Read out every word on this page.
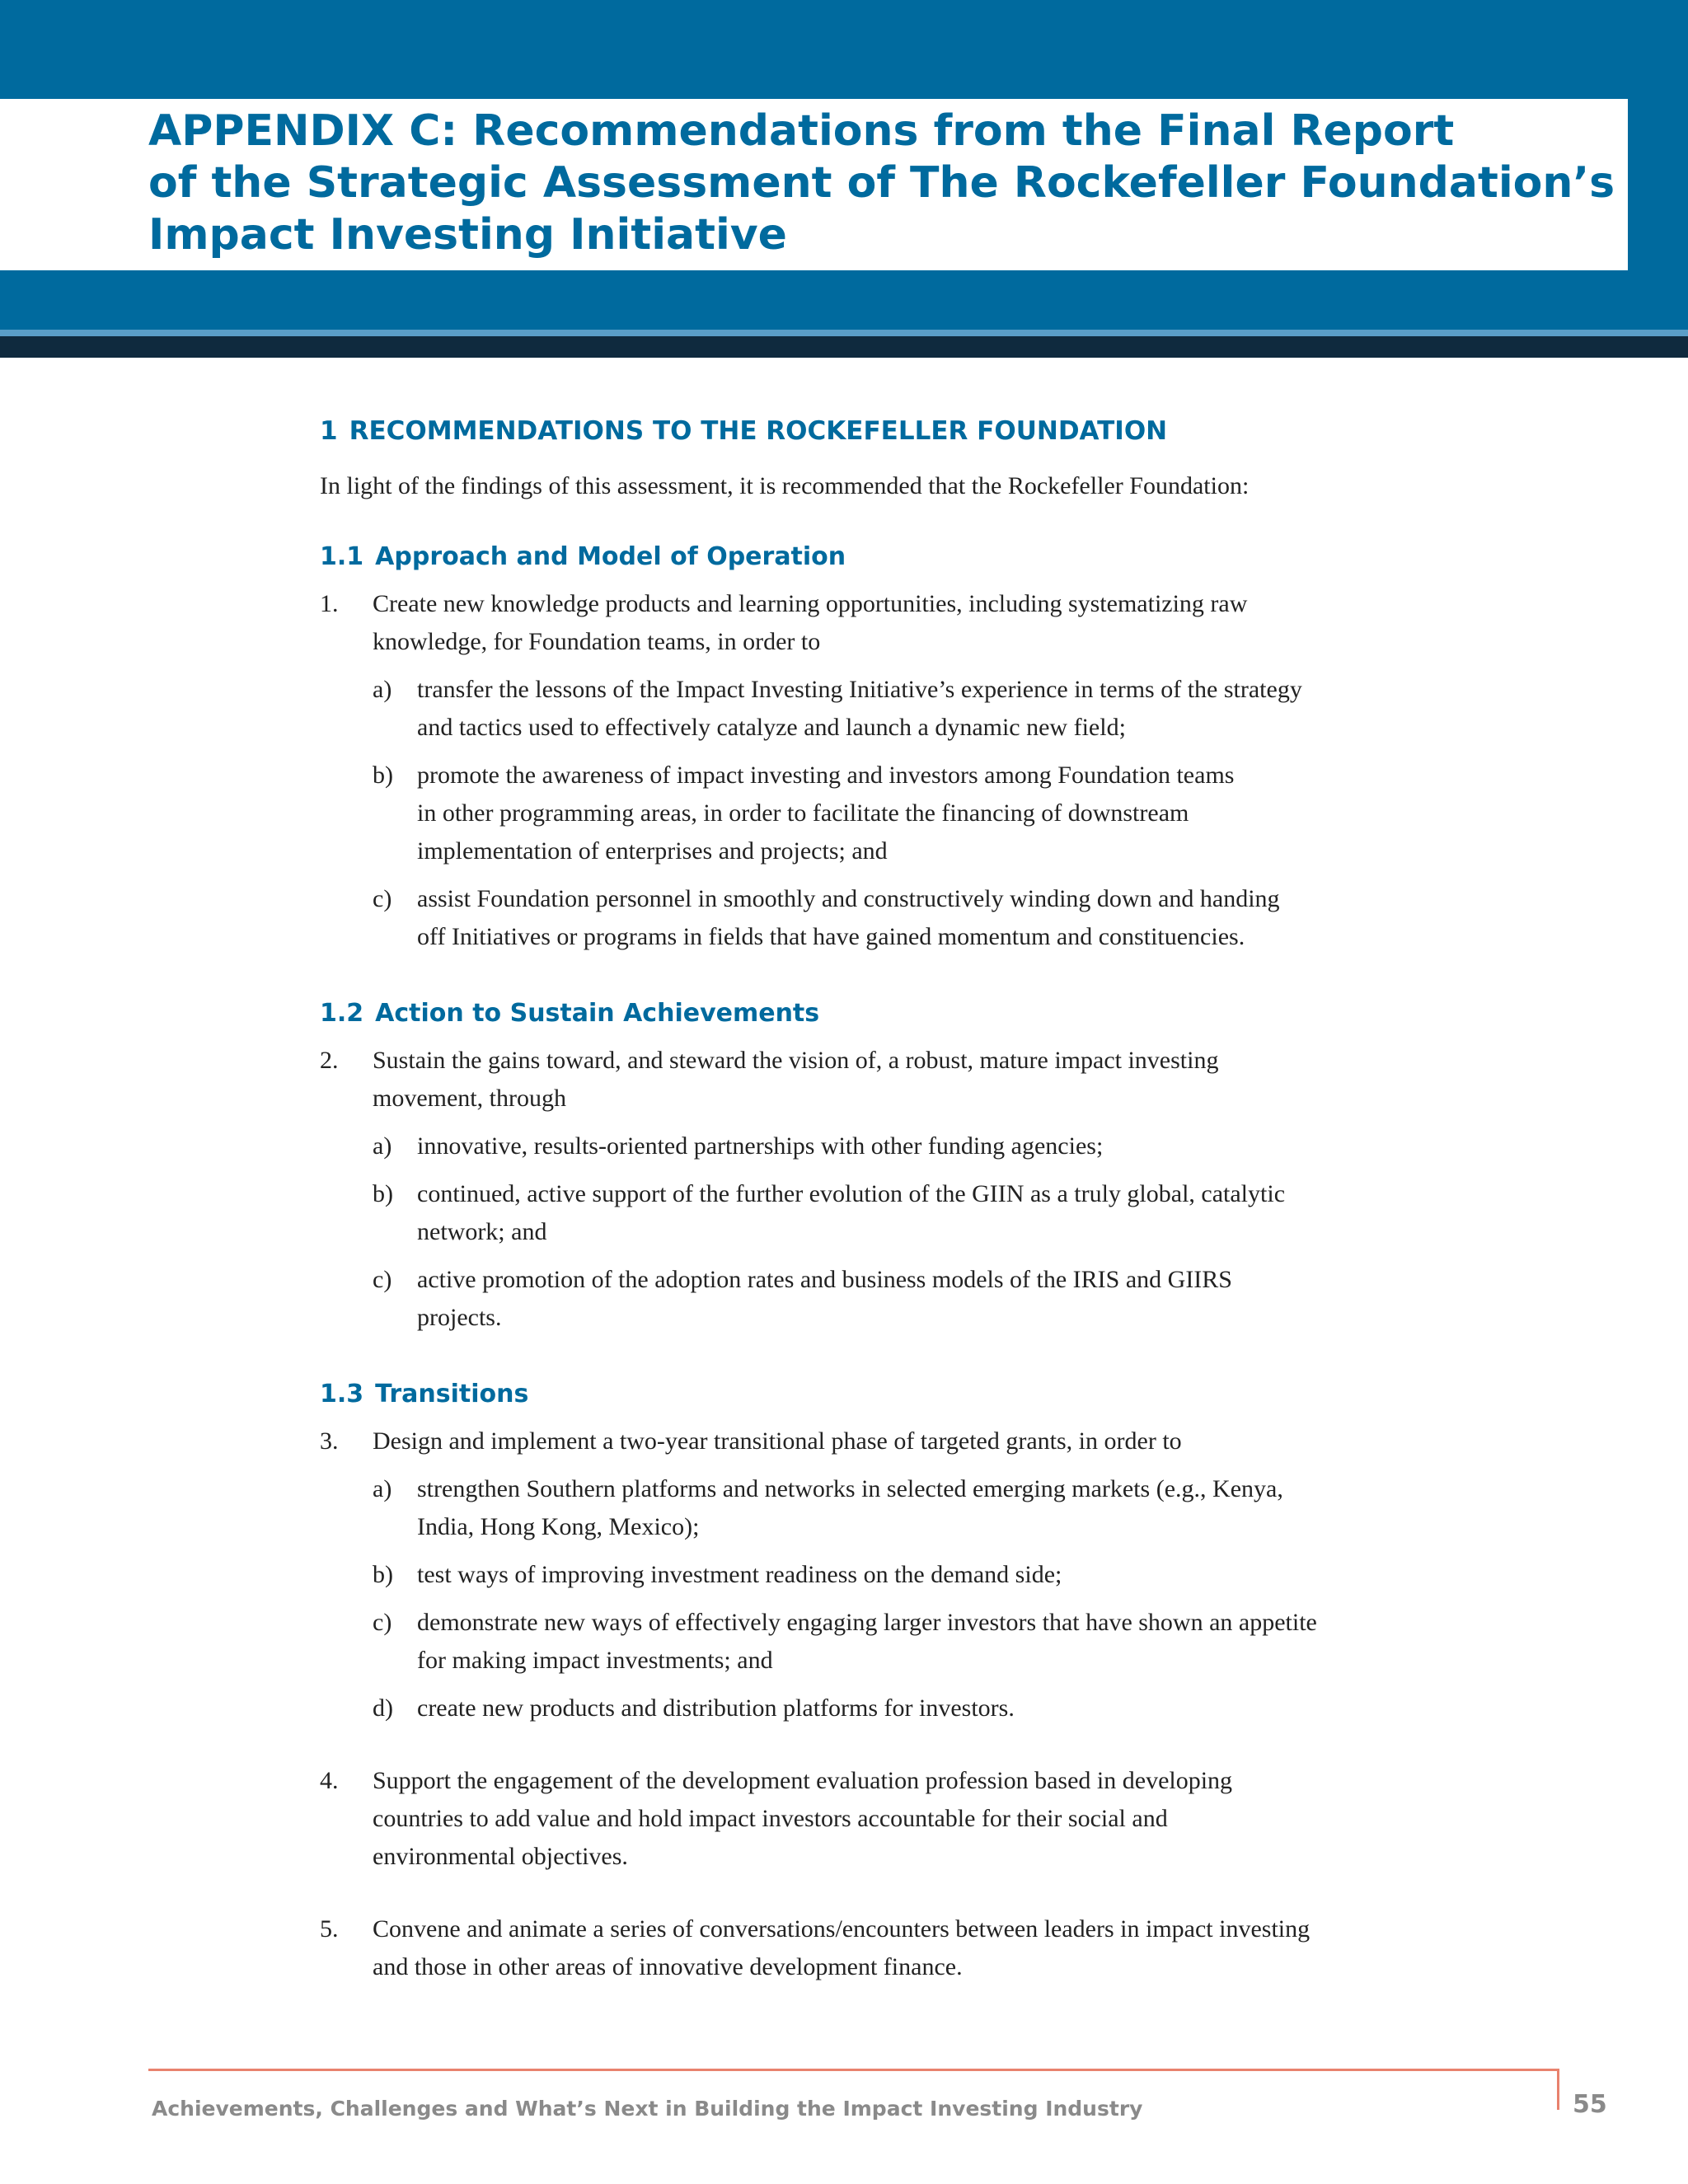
APPENDIX C: Recommendations from the Final Report
of the Strategic Assessment of The Rockefeller Foundation’s
Impact Investing Initiative
1 RECOMMENDATIONS TO THE ROCKEFELLER FOUNDATION

In light of the findings of this assessment, it is recommended that the Rockefeller Foundation:

1.1 Approach and Model of Operation
1. Create new knowledge products and learning opportunities, including systematizing raw
knowledge, for Foundation teams, in order to
a) transfer the lessons of the Impact Investing Initiative’s experience in terms of the strategy
and tactics used to effectively catalyze and launch a dynamic new field;
b) promote the awareness of impact investing and investors among Foundation teams
in other programming areas, in order to facilitate the financing of downstream
implementation of enterprises and projects; and
c) assist Foundation personnel in smoothly and constructively winding down and handing
off Initiatives or programs in fields that have gained momentum and constituencies.
1.2 Action to Sustain Achievements
2. Sustain the gains toward, and steward the vision of, a robust, mature impact investing
movement, through
a) innovative, results-oriented partnerships with other funding agencies;
b) continued, active support of the further evolution of the GIIN as a truly global, catalytic
network; and
c) active promotion of the adoption rates and business models of the IRIS and GIIRS
projects.
1.3 Transitions
3. Design and implement a two-year transitional phase of targeted grants, in order to
a) strengthen Southern platforms and networks in selected emerging markets (e.g., Kenya,
India, Hong Kong, Mexico);
b) test ways of improving investment readiness on the demand side;
c) demonstrate new ways of effectively engaging larger investors that have shown an appetite
for making impact investments; and
d) create new products and distribution platforms for investors.
4. Support the engagement of the development evaluation profession based in developing
countries to add value and hold impact investors accountable for their social and
environmental objectives.
5. Convene and animate a series of conversations/encounters between leaders in impact investing
and those in other areas of innovative development finance.
Achievements, Challenges and What’s Next in Building the Impact Investing Industry	55
